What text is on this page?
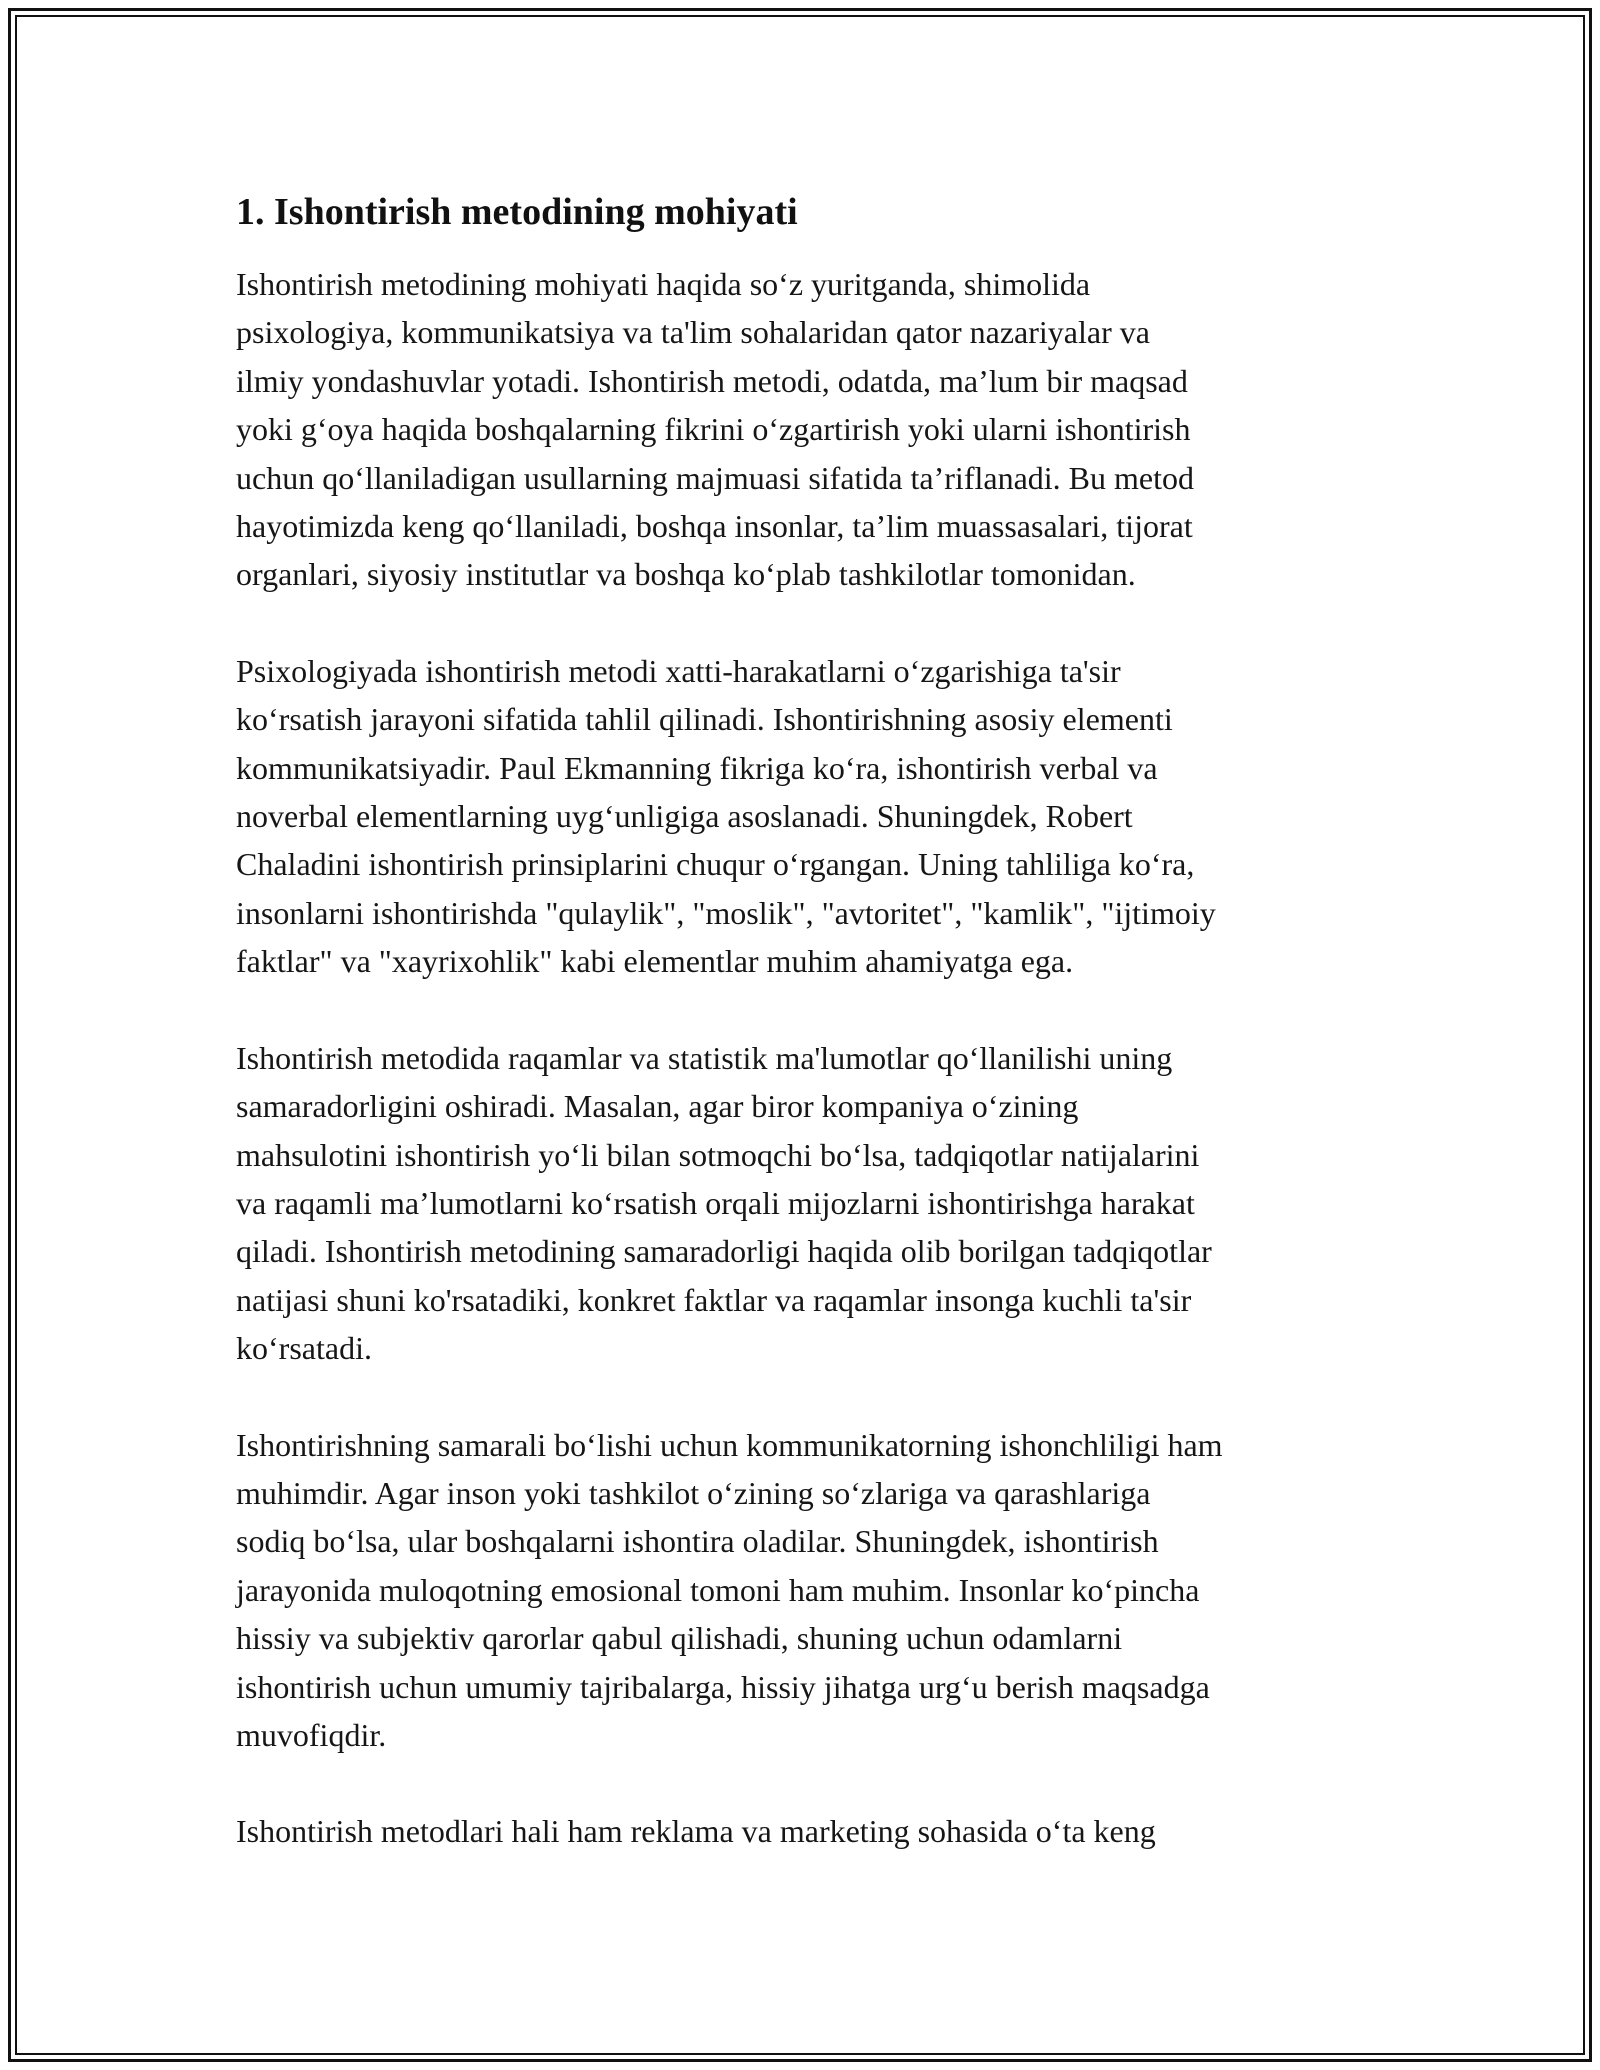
1. Ishontirish metodining mohiyati

Ishontirish metodining mohiyati haqida so‘z yuritganda, shimolida
psixologiya, kommunikatsiya va ta'lim sohalaridan qator nazariyalar va
ilmiy yondashuvlar yotadi. Ishontirish metodi, odatda, ma’lum bir maqsad
yoki g‘oya haqida boshqalarning fikrini o‘zgartirish yoki ularni ishontirish
uchun qo‘llaniladigan usullarning majmuasi sifatida ta’riflanadi. Bu metod
hayotimizda keng qo‘llaniladi, boshqa insonlar, ta’lim muassasalari, tijorat
organlari, siyosiy institutlar va boshqa ko‘plab tashkilotlar tomonidan.

Psixologiyada ishontirish metodi xatti-harakatlarni o‘zgarishiga ta'sir
ko‘rsatish jarayoni sifatida tahlil qilinadi. Ishontirishning asosiy elementi
kommunikatsiyadir. Paul Ekmanning fikriga ko‘ra, ishontirish verbal va
noverbal elementlarning uyg‘unligiga asoslanadi. Shuningdek, Robert
Chaladini ishontirish prinsiplarini chuqur o‘rgangan. Uning tahliliga ko‘ra,
insonlarni ishontirishda "qulaylik", "moslik", "avtoritet", "kamlik", "ijtimoiy
faktlar" va "xayrixohlik" kabi elementlar muhim ahamiyatga ega.

Ishontirish metodida raqamlar va statistik ma'lumotlar qo‘llanilishi uning
samaradorligini oshiradi. Masalan, agar biror kompaniya o‘zining
mahsulotini ishontirish yo‘li bilan sotmoqchi bo‘lsa, tadqiqotlar natijalarini
va raqamli ma’lumotlarni ko‘rsatish orqali mijozlarni ishontirishga harakat
qiladi. Ishontirish metodining samaradorligi haqida olib borilgan tadqiqotlar
natijasi shuni ko'rsatadiki, konkret faktlar va raqamlar insonga kuchli ta'sir
ko‘rsatadi.

Ishontirishning samarali bo‘lishi uchun kommunikatorning ishonchliligi ham
muhimdir. Agar inson yoki tashkilot o‘zining so‘zlariga va qarashlariga
sodiq bo‘lsa, ular boshqalarni ishontira oladilar. Shuningdek, ishontirish
jarayonida muloqotning emosional tomoni ham muhim. Insonlar ko‘pincha
hissiy va subjektiv qarorlar qabul qilishadi, shuning uchun odamlarni
ishontirish uchun umumiy tajribalarga, hissiy jihatga urg‘u berish maqsadga
muvofiqdir.

Ishontirish metodlari hali ham reklama va marketing sohasida o‘ta keng
